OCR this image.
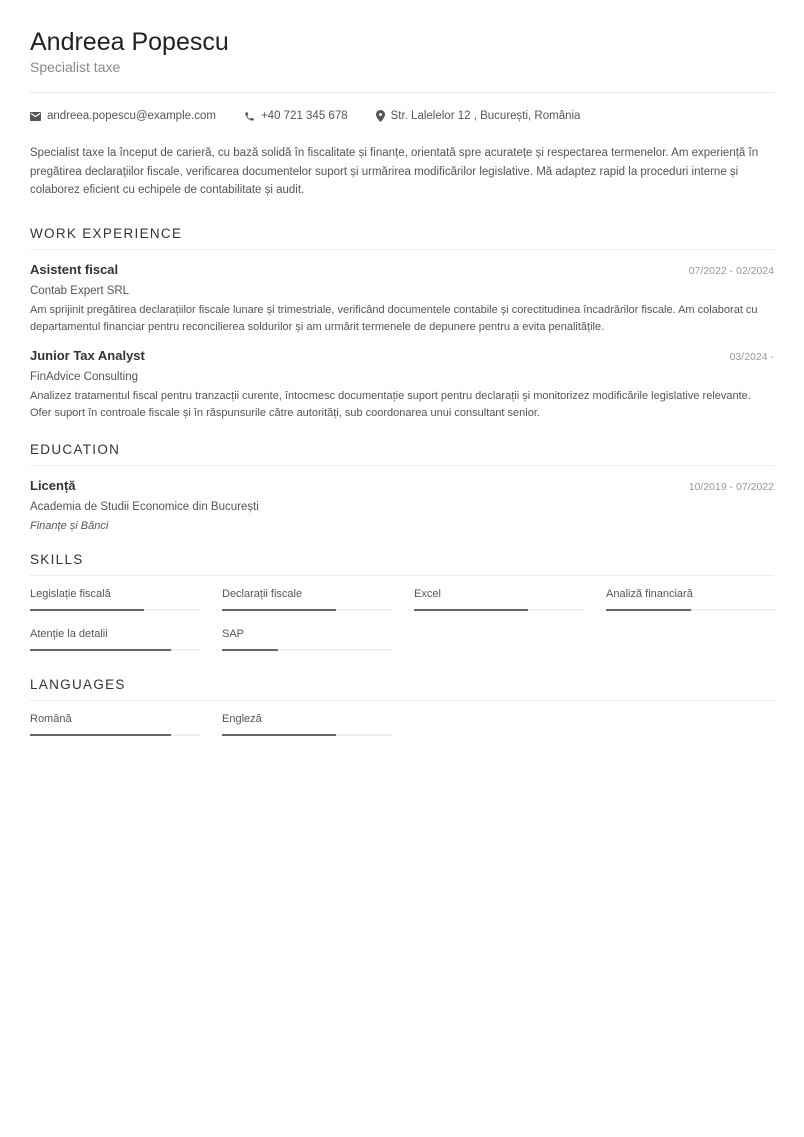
Andreea Popescu
Specialist taxe
andreea.popescu@example.com	+40 721 345 678	Str. Lalelelor 12 , București, România
Specialist taxe la început de carieră, cu bază solidă în fiscalitate și finanțe, orientată spre acuratețe și respectarea termenelor. Am experiență în pregătirea declarațiilor fiscale, verificarea documentelor suport și urmărirea modificărilor legislative. Mă adaptez rapid la proceduri interne și colaborez eficient cu echipele de contabilitate și audit.
WORK EXPERIENCE
Asistent fiscal	07/2022 - 02/2024
Contab Expert SRL
Am sprijinit pregătirea declarațiilor fiscale lunare și trimestriale, verificând documentele contabile și corectitudinea încadrărilor fiscale. Am colaborat cu departamentul financiar pentru reconcilierea soldurilor și am urmărit termenele de depunere pentru a evita penalitățile.
Junior Tax Analyst	03/2024 -
FinAdvice Consulting
Analizez tratamentul fiscal pentru tranzacții curente, întocmesc documentație suport pentru declarații și monitorizez modificările legislative relevante. Ofer suport în controale fiscale și în răspunsurile către autorități, sub coordonarea unui consultant senior.
EDUCATION
Licență	10/2019 - 07/2022
Academia de Studii Economice din București
Finanțe și Bănci
SKILLS
Legislație fiscală	Declarații fiscale	Excel	Analiză financiară
Atenție la detalii	SAP
LANGUAGES
Română	Engleză
